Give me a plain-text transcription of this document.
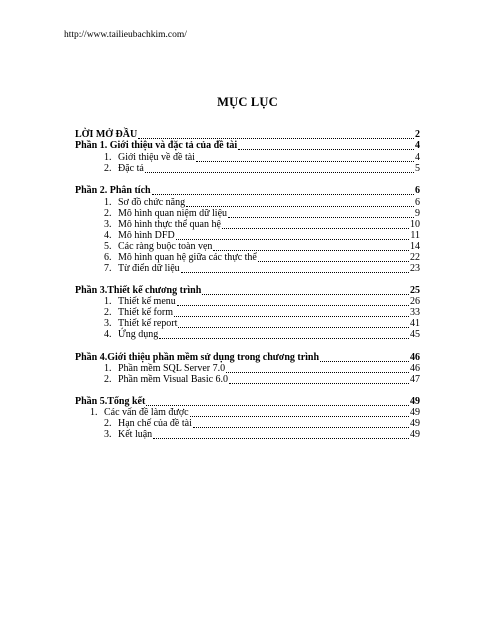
http://www.tailieubachkim.com/
MỤC LỤC
LỜI MỞ ĐẦU	2
Phần 1. Giới thiệu và đặc tả của đề tài	4
1. Giới thiệu về đề tài	4
2. Đặc tả	5
Phần 2. Phân tích	6
1. Sơ đồ chức năng	6
2. Mô hình quan niệm dữ liệu	9
3. Mô hình thực thể quan hệ	10
4. Mô hình DFD	11
5. Các ràng buộc toàn vẹn	14
6. Mô hình quan hệ giữa các thực thể	22
7. Từ điển dữ liệu	23
Phần 3.Thiết kế chương trình	25
1. Thiết kế menu	26
2. Thiết kế form	33
3. Thiết kế report	41
4. Ứng dụng	45
Phần 4.Giới thiệu phần mềm sử dụng trong chương trình	46
1. Phần mềm SQL Server 7.0	46
2. Phần mềm Visual Basic 6.0	47
Phần 5.Tổng kết	49
1. Các vấn đề làm được	49
2. Hạn chế của đề tài	49
3. Kết luận	49
